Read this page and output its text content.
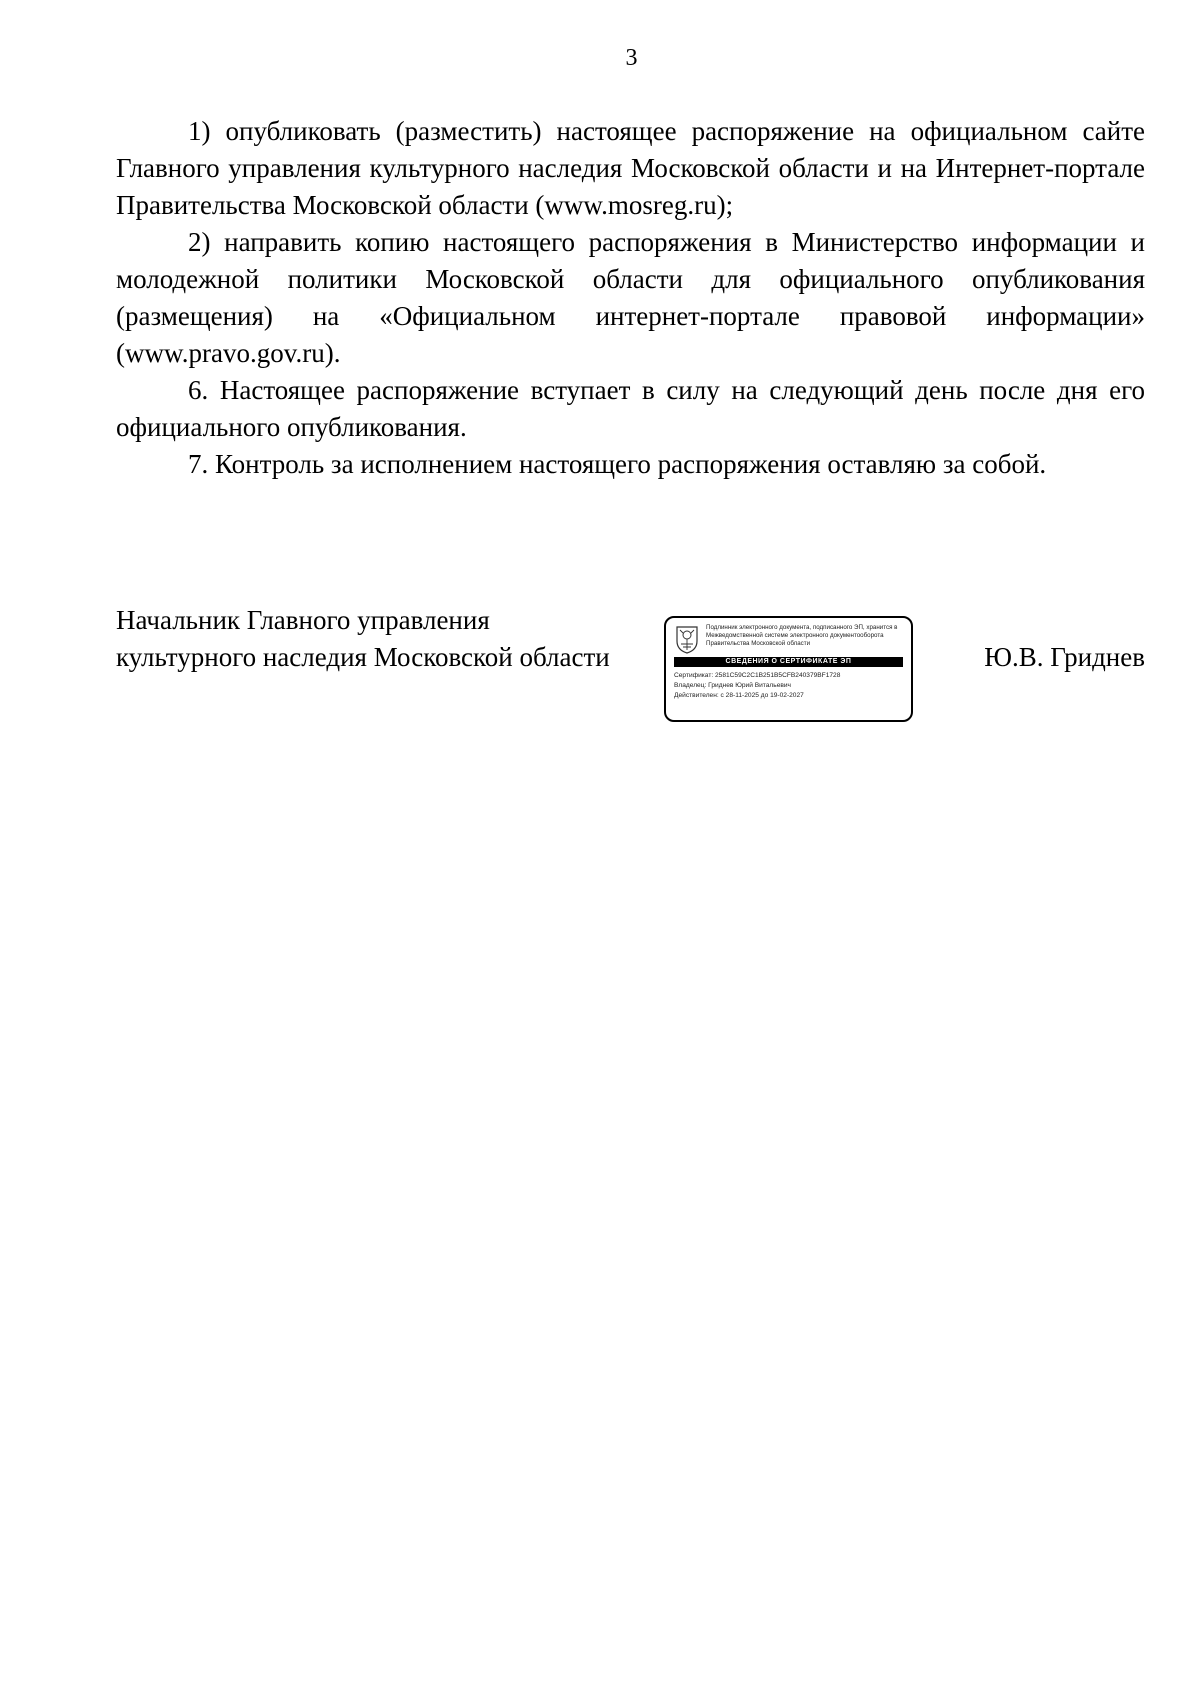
3

1) опубликовать (разместить) настоящее распоряжение на официальном сайте Главного управления культурного наследия Московской области и на Интернет-портале Правительства Московской области (www.mosreg.ru);

2) направить копию настоящего распоряжения в Министерство информации и молодежной политики Московской области для официального опубликования (размещения) на «Официальном интернет-портале правовой информации» (www.pravo.gov.ru).

6. Настоящее распоряжение вступает в силу на следующий день после дня его официального опубликования.

7. Контроль за исполнением настоящего распоряжения оставляю за собой.

Начальник Главного управления
культурного наследия Московской области
Подлинник электронного документа, подписанного ЭП, хранится в Межведомственной системе электронного документооборота Правительства Московской области
СВЕДЕНИЯ О СЕРТИФИКАТЕ ЭП
Сертификат: 2581C59C2C1B251B5CFB240379BF1728
Владелец: Гриднев Юрий Витальевич
Действителен: с 28-11-2025 до 19-02-2027
Ю.В. Гриднев
